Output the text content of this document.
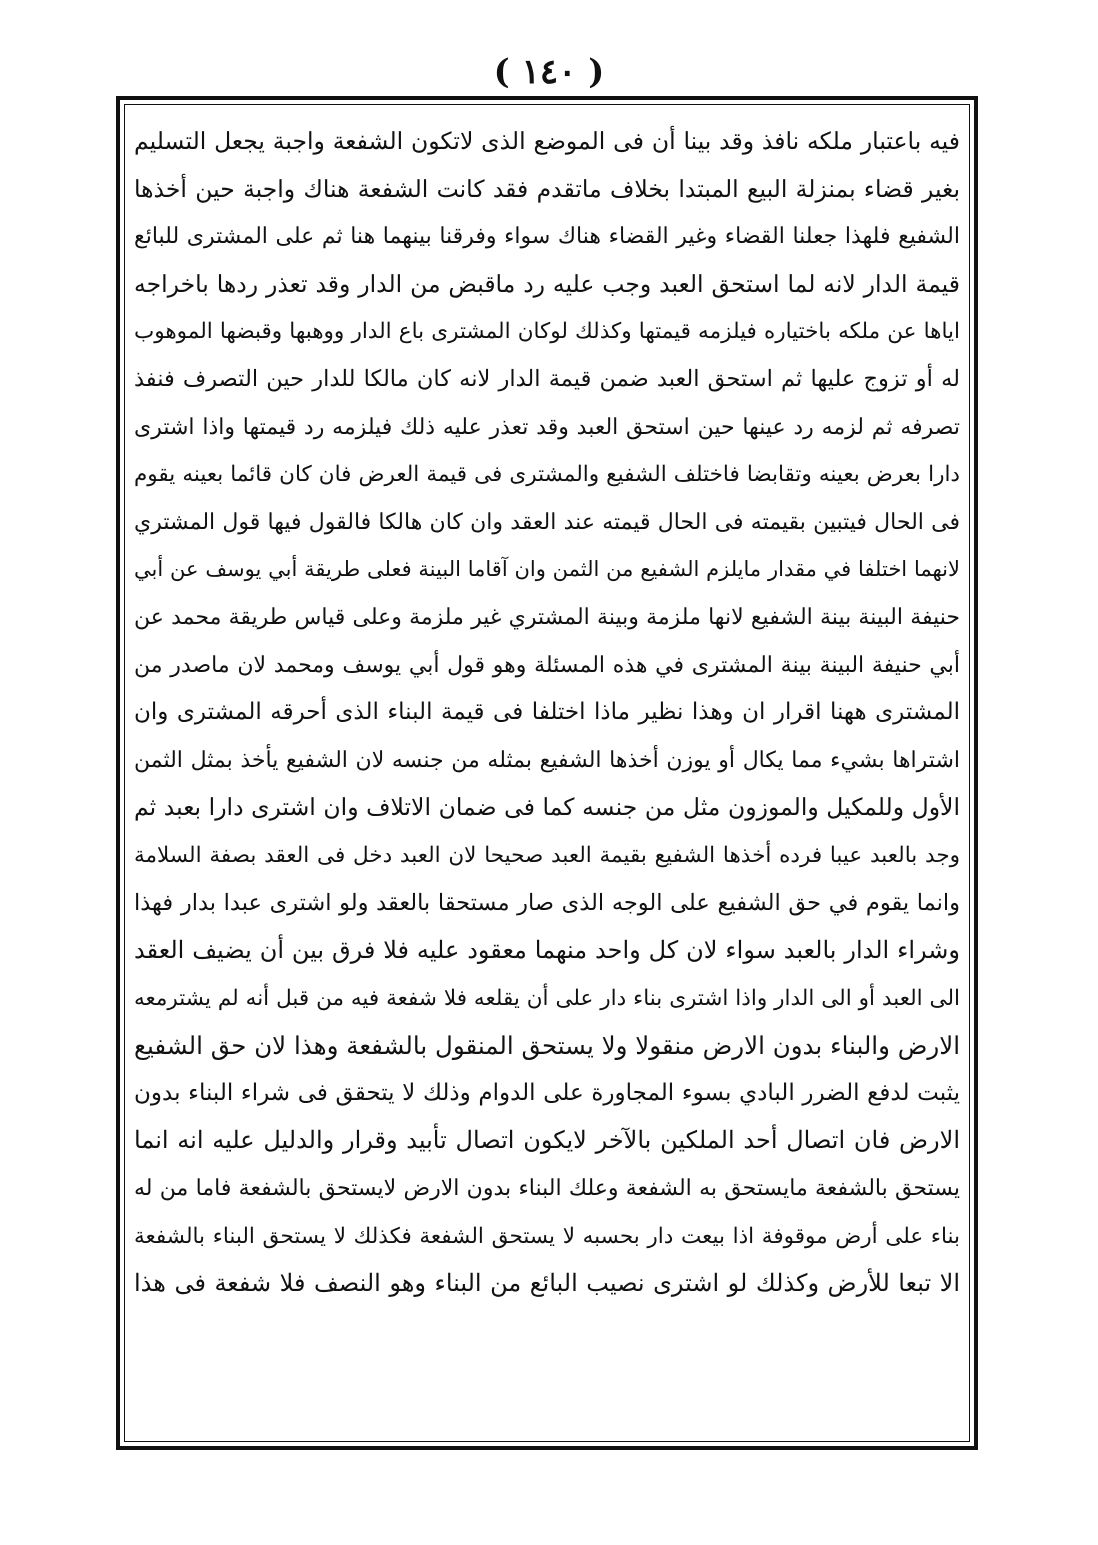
( ١٤٠ )
فيه باعتبار ملكه نافذ وقد بينا أن فى الموضع الذى لاتكون الشفعة واجبة يجعل التسليم
بغير قضاء بمنزلة البيع المبتدا بخلاف ماتقدم فقد كانت الشفعة هناك واجبة حين أخذها
الشفيع فلهذا جعلنا القضاء وغير القضاء هناك سواء وفرقنا بينهما هنا ثم على المشترى للبائع
قيمة الدار لانه لما استحق العبد وجب عليه رد ماقبض من الدار وقد تعذر ردها باخراجه
اياها عن ملكه باختياره فيلزمه قيمتها وكذلك لوكان المشترى باع الدار ووهبها وقبضها الموهوب
له أو تزوج عليها ثم استحق العبد ضمن قيمة الدار لانه كان مالكا للدار حين التصرف فنفذ
تصرفه ثم لزمه رد عينها حين استحق العبد وقد تعذر عليه ذلك فيلزمه رد قيمتها واذا اشترى
دارا بعرض بعينه وتقابضا فاختلف الشفيع والمشترى فى قيمة العرض فان كان قائما بعينه يقوم
فى الحال فيتبين بقيمته فى الحال قيمته عند العقد وان كان هالكا فالقول فيها قول المشتري
لانهما اختلفا في مقدار مايلزم الشفيع من الثمن وان آقاما البينة فعلى طريقة أبي يوسف عن أبي
حنيفة البينة بينة الشفيع لانها ملزمة وبينة المشتري غير ملزمة وعلى قياس طريقة محمد عن
أبي حنيفة البينة بينة المشترى في هذه المسئلة وهو قول أبي يوسف ومحمد لان ماصدر من
المشترى ههنا اقرار ان وهذا نظير ماذا اختلفا فى قيمة البناء الذى أحرقه المشترى وان
اشتراها بشيء مما يكال أو يوزن أخذها الشفيع بمثله من جنسه لان الشفيع يأخذ بمثل الثمن
الأول وللمكيل والموزون مثل من جنسه كما فى ضمان الاتلاف وان اشترى دارا بعبد ثم
وجد بالعبد عيبا فرده أخذها الشفيع بقيمة العبد صحيحا لان العبد دخل فى العقد بصفة السلامة
وانما يقوم في حق الشفيع على الوجه الذى صار مستحقا بالعقد ولو اشترى عبدا بدار فهذا
وشراء الدار بالعبد سواء لان كل واحد منهما معقود عليه فلا فرق بين أن يضيف العقد
الى العبد أو الى الدار واذا اشترى بناء دار على أن يقلعه فلا شفعة فيه من قبل أنه لم يشترمعه
الارض والبناء بدون الارض منقولا ولا يستحق المنقول بالشفعة وهذا لان حق الشفيع
يثبت لدفع الضرر البادي بسوء المجاورة على الدوام وذلك لا يتحقق فى شراء البناء بدون
الارض فان اتصال أحد الملكين بالآخر لايكون اتصال تأبيد وقرار والدليل عليه انه انما
يستحق بالشفعة مايستحق به الشفعة وعلك البناء بدون الارض لايستحق بالشفعة فاما من له
بناء على أرض موقوفة اذا بيعت دار بحسبه لا يستحق الشفعة فكذلك لا يستحق البناء بالشفعة
الا تبعا للأرض وكذلك لو اشترى نصيب البائع من البناء وهو النصف فلا شفعة فى هذا
